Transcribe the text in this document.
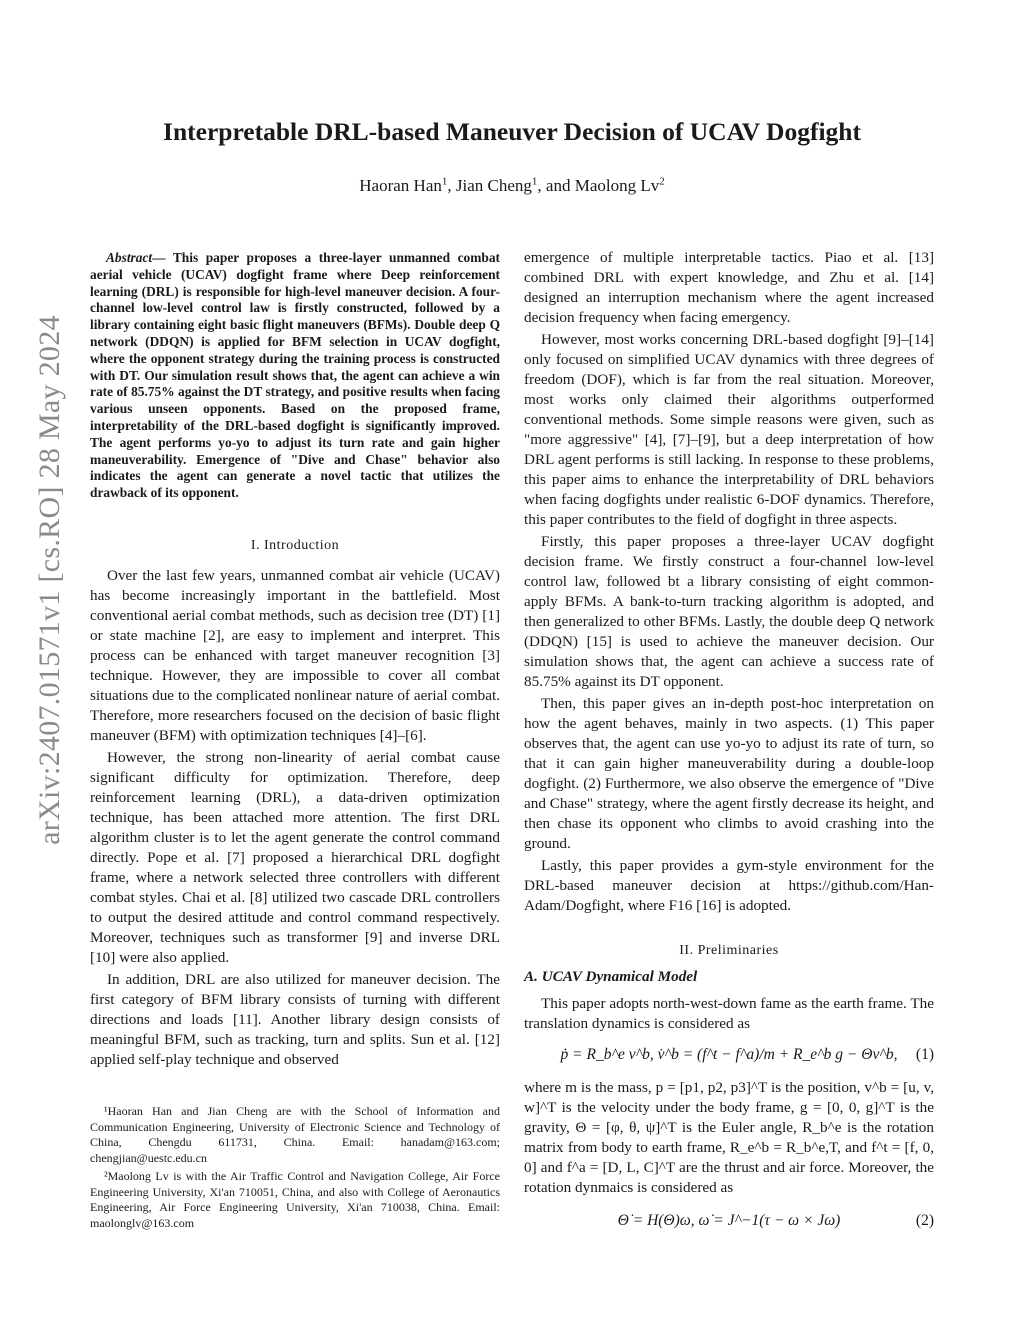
arXiv:2407.01571v1 [cs.RO] 28 May 2024
Interpretable DRL-based Maneuver Decision of UCAV Dogfight
Haoran Han$^1$, Jian Cheng$^1$, and Maolong Lv$^2$
Abstract— This paper proposes a three-layer unmanned combat aerial vehicle (UCAV) dogfight frame where Deep reinforcement learning (DRL) is responsible for high-level maneuver decision. A four-channel low-level control law is firstly constructed, followed by a library containing eight basic flight maneuvers (BFMs). Double deep Q network (DDQN) is applied for BFM selection in UCAV dogfight, where the opponent strategy during the training process is constructed with DT. Our simulation result shows that, the agent can achieve a win rate of 85.75% against the DT strategy, and positive results when facing various unseen opponents. Based on the proposed frame, interpretability of the DRL-based dogfight is significantly improved. The agent performs yo-yo to adjust its turn rate and gain higher maneuverability. Emergence of "Dive and Chase" behavior also indicates the agent can generate a novel tactic that utilizes the drawback of its opponent.
I. Introduction
Over the last few years, unmanned combat air vehicle (UCAV) has become increasingly important in the battlefield. Most conventional aerial combat methods, such as decision tree (DT) [1] or state machine [2], are easy to implement and interpret. This process can be enhanced with target maneuver recognition [3] technique. However, they are impossible to cover all combat situations due to the complicated nonlinear nature of aerial combat. Therefore, more researchers focused on the decision of basic flight maneuver (BFM) with optimization techniques [4]–[6].
However, the strong non-linearity of aerial combat cause significant difficulty for optimization. Therefore, deep reinforcement learning (DRL), a data-driven optimization technique, has been attached more attention. The first DRL algorithm cluster is to let the agent generate the control command directly. Pope et al. [7] proposed a hierarchical DRL dogfight frame, where a network selected three controllers with different combat styles. Chai et al. [8] utilized two cascade DRL controllers to output the desired attitude and control command respectively. Moreover, techniques such as transformer [9] and inverse DRL [10] were also applied.
In addition, DRL are also utilized for maneuver decision. The first category of BFM library consists of turning with different directions and loads [11]. Another library design consists of meaningful BFM, such as tracking, turn and splits. Sun et al. [12] applied self-play technique and observed

¹Haoran Han and Jian Cheng are with the School of Information and Communication Engineering, University of Electronic Science and Technology of China, Chengdu 611731, China. Email: hanadam@163.com; chengjian@uestc.edu.cn

²Maolong Lv is with the Air Traffic Control and Navigation College, Air Force Engineering University, Xi'an 710051, China, and also with College of Aeronautics Engineering, Air Force Engineering University, Xi'an 710038, China. Email: maolonglv@163.com

emergence of multiple interpretable tactics. Piao et al. [13] combined DRL with expert knowledge, and Zhu et al. [14] designed an interruption mechanism where the agent increased decision frequency when facing emergency.
However, most works concerning DRL-based dogfight [9]–[14] only focused on simplified UCAV dynamics with three degrees of freedom (DOF), which is far from the real situation. Moreover, most works only claimed their algorithms outperformed conventional methods. Some simple reasons were given, such as "more aggressive" [4], [7]–[9], but a deep interpretation of how DRL agent performs is still lacking. In response to these problems, this paper aims to enhance the interpretability of DRL behaviors when facing dogfights under realistic 6-DOF dynamics. Therefore, this paper contributes to the field of dogfight in three aspects.
Firstly, this paper proposes a three-layer UCAV dogfight decision frame. We firstly construct a four-channel low-level control law, followed bt a library consisting of eight common-apply BFMs. A bank-to-turn tracking algorithm is adopted, and then generalized to other BFMs. Lastly, the double deep Q network (DDQN) [15] is used to achieve the maneuver decision. Our simulation shows that, the agent can achieve a success rate of 85.75% against its DT opponent.
Then, this paper gives an in-depth post-hoc interpretation on how the agent behaves, mainly in two aspects. (1) This paper observes that, the agent can use yo-yo to adjust its rate of turn, so that it can gain higher maneuverability during a double-loop dogfight. (2) Furthermore, we also observe the emergence of "Dive and Chase" strategy, where the agent firstly decrease its height, and then chase its opponent who climbs to avoid crashing into the ground.
Lastly, this paper provides a gym-style environment for the DRL-based maneuver decision at https://github.com/Han-Adam/Dogfight, where F16 [16] is adopted.
II. Preliminaries
A. UCAV Dynamical Model
This paper adopts north-west-down fame as the earth frame. The translation dynamics is considered as
ṗ = R_b^e v^b, v̇^b = (f^t − f^a)/m + R_e^b g − Θv^b, (1)
where m is the mass, p = [p1, p2, p3]^T is the position, v^b = [u, v, w]^T is the velocity under the body frame, g = [0, 0, g]^T is the gravity, Θ = [φ, θ, ψ]^T is the Euler angle, R_b^e is the rotation matrix from body to earth frame, R_e^b = R_b^e,T, and f^t = [f, 0, 0] and f^a = [D, L, C]^T are the thrust and air force. Moreover, the rotation dynmaics is considered as
Θ̇ = H(Θ)ω, ω̇ = J^−1(τ − ω × Jω)	(2)
